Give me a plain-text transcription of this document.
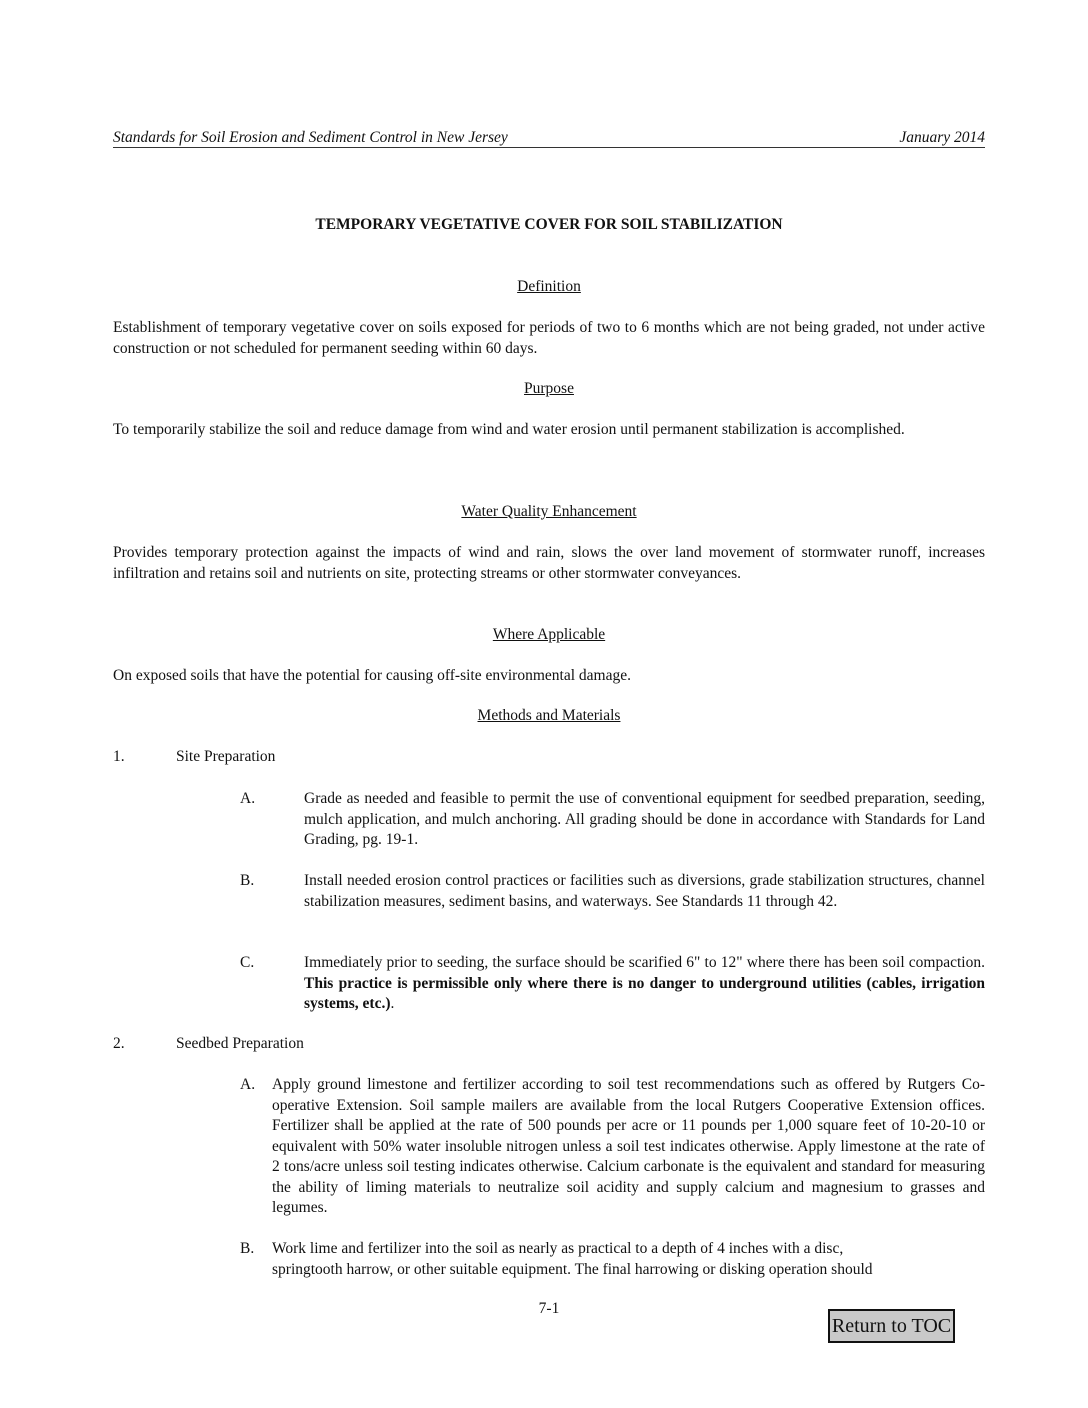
Standards for Soil Erosion and Sediment Control in New Jersey	January 2014
TEMPORARY VEGETATIVE COVER FOR SOIL STABILIZATION
Definition
Establishment of temporary vegetative cover on soils exposed for periods of two to 6 months which are not being graded, not under active construction or not scheduled for permanent seeding within 60 days.
Purpose
To temporarily stabilize the soil and reduce damage from wind and water erosion until permanent stabilization is accomplished.
Water Quality Enhancement
Provides temporary protection against the impacts of wind and rain, slows the over land movement of stormwater runoff, increases infiltration and retains soil and nutrients on site, protecting streams or other stormwater conveyances.
Where Applicable
On exposed soils that have the potential for causing off-site environmental damage.
Methods and Materials
1.	Site Preparation
A.	Grade as needed and feasible to permit the use of conventional equipment for seedbed preparation, seeding, mulch application, and mulch anchoring. All grading should be done in accordance with Standards for Land Grading, pg. 19-1.
B.	Install needed erosion control practices or facilities such as diversions, grade stabilization structures, channel stabilization measures, sediment basins, and waterways. See Standards 11 through 42.
C.	Immediately prior to seeding, the surface should be scarified 6" to 12" where there has been soil compaction. This practice is permissible only where there is no danger to underground utilities (cables, irrigation systems, etc.).
2.	Seedbed Preparation
A. Apply ground limestone and fertilizer according to soil test recommendations such as offered by Rutgers Co-operative Extension. Soil sample mailers are available from the local Rutgers Cooperative Extension offices. Fertilizer shall be applied at the rate of 500 pounds per acre or 11 pounds per 1,000 square feet of 10-20-10 or equivalent with 50% water insoluble nitrogen unless a soil test indicates otherwise. Apply limestone at the rate of 2 tons/acre unless soil testing indicates otherwise. Calcium carbonate is the equivalent and standard for measuring the ability of liming materials to neutralize soil acidity and supply calcium and magnesium to grasses and legumes.
B. Work lime and fertilizer into the soil as nearly as practical to a depth of 4 inches with a disc,
springtooth harrow, or other suitable equipment. The final harrowing or disking operation should
7-1
Return to TOC
